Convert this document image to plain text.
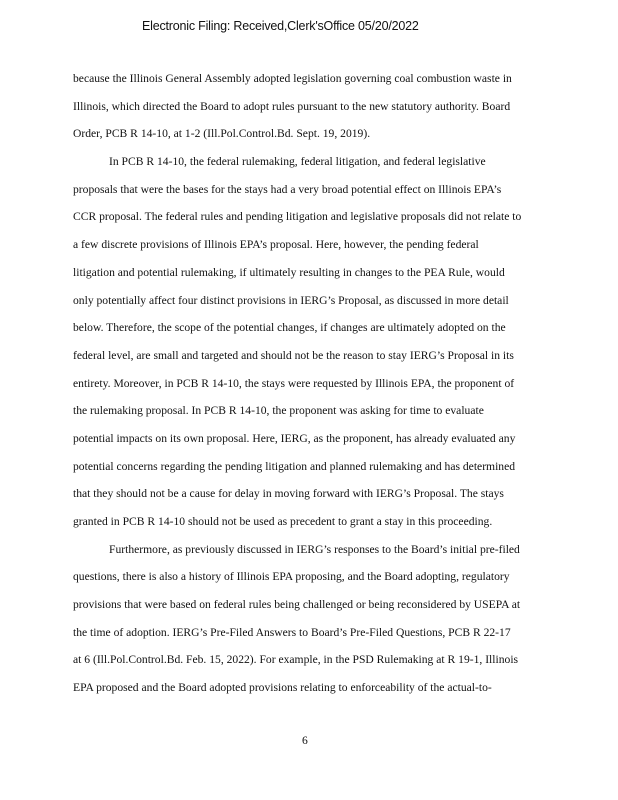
Electronic Filing: Received,Clerk'sOffice 05/20/2022
because the Illinois General Assembly adopted legislation governing coal combustion waste in
Illinois, which directed the Board to adopt rules pursuant to the new statutory authority. Board
Order, PCB R 14-10, at 1-2 (Ill.Pol.Control.Bd. Sept. 19, 2019).
In PCB R 14-10, the federal rulemaking, federal litigation, and federal legislative
proposals that were the bases for the stays had a very broad potential effect on Illinois EPA’s
CCR proposal. The federal rules and pending litigation and legislative proposals did not relate to
a few discrete provisions of Illinois EPA’s proposal. Here, however, the pending federal
litigation and potential rulemaking, if ultimately resulting in changes to the PEA Rule, would
only potentially affect four distinct provisions in IERG’s Proposal, as discussed in more detail
below. Therefore, the scope of the potential changes, if changes are ultimately adopted on the
federal level, are small and targeted and should not be the reason to stay IERG’s Proposal in its
entirety. Moreover, in PCB R 14-10, the stays were requested by Illinois EPA, the proponent of
the rulemaking proposal. In PCB R 14-10, the proponent was asking for time to evaluate
potential impacts on its own proposal. Here, IERG, as the proponent, has already evaluated any
potential concerns regarding the pending litigation and planned rulemaking and has determined
that they should not be a cause for delay in moving forward with IERG’s Proposal. The stays
granted in PCB R 14-10 should not be used as precedent to grant a stay in this proceeding.
Furthermore, as previously discussed in IERG’s responses to the Board’s initial pre-filed
questions, there is also a history of Illinois EPA proposing, and the Board adopting, regulatory
provisions that were based on federal rules being challenged or being reconsidered by USEPA at
the time of adoption. IERG’s Pre-Filed Answers to Board’s Pre-Filed Questions, PCB R 22-17
at 6 (Ill.Pol.Control.Bd. Feb. 15, 2022). For example, in the PSD Rulemaking at R 19-1, Illinois
EPA proposed and the Board adopted provisions relating to enforceability of the actual-to-
6
